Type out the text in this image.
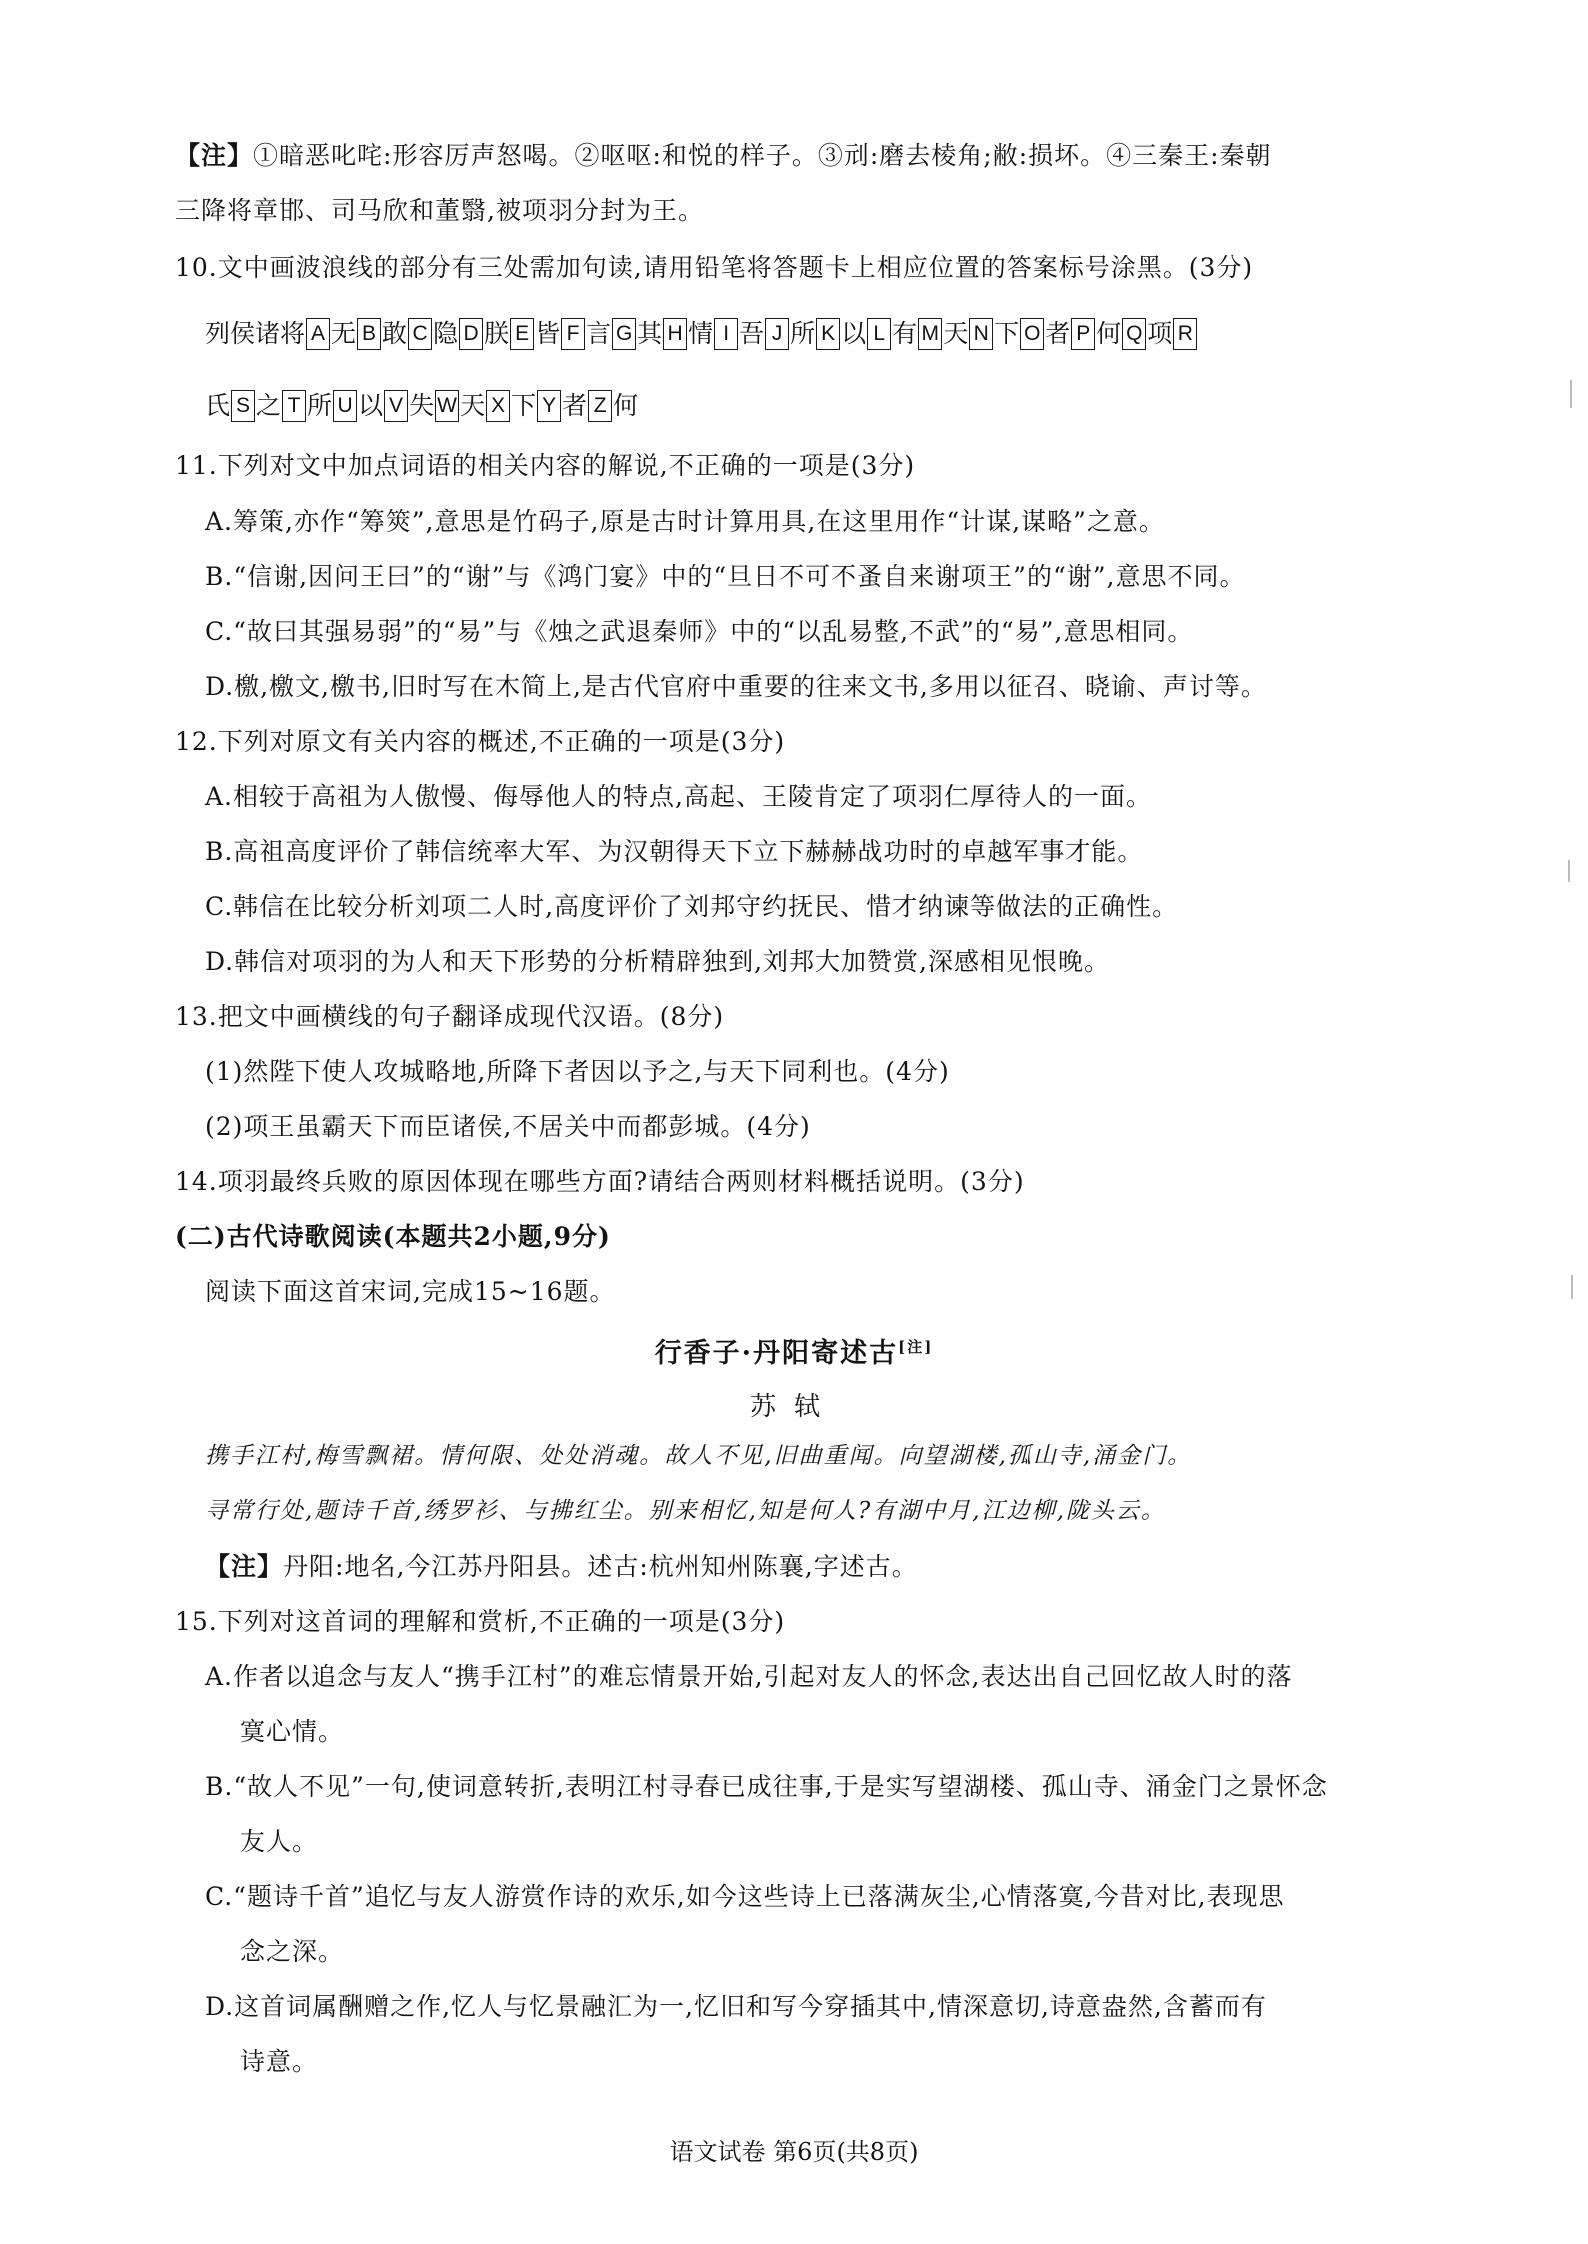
【注】①暗恶叱咤:形容厉声怒喝。②呕呕:和悦的样子。③刓:磨去棱角;敝:损坏。④三秦王:秦朝
三降将章邯、司马欣和董翳,被项羽分封为王。
10.文中画波浪线的部分有三处需加句读,请用铅笔将答题卡上相应位置的答案标号涂黑。(3分)
列侯诸将 A 无 B 敢 C 隐 D 朕 E 皆 F 言 G 其 H 情 I 吾 J 所 K 以 L 有 M 天 N 下 O 者 P 何 Q 项 R
氏 S 之 T 所 U 以 V 失 W 天 X 下 Y 者 Z 何
11.下列对文中加点词语的相关内容的解说,不正确的一项是(3分)
A.筹策,亦作“筹筴”,意思是竹码子,原是古时计算用具,在这里用作“计谋,谋略”之意。
B.“信谢,因问王曰”的“谢”与《鸿门宴》中的“旦日不可不蚤自来谢项王”的“谢”,意思不同。
C.“故曰其强易弱”的“易”与《烛之武退秦师》中的“以乱易整,不武”的“易”,意思相同。
D.檄,檄文,檄书,旧时写在木简上,是古代官府中重要的往来文书,多用以征召、晓谕、声讨等。
12.下列对原文有关内容的概述,不正确的一项是(3分)
A.相较于高祖为人傲慢、侮辱他人的特点,高起、王陵肯定了项羽仁厚待人的一面。
B.高祖高度评价了韩信统率大军、为汉朝得天下立下赫赫战功时的卓越军事才能。
C.韩信在比较分析刘项二人时,高度评价了刘邦守约抚民、惜才纳谏等做法的正确性。
D.韩信对项羽的为人和天下形势的分析精辟独到,刘邦大加赞赏,深感相见恨晚。
13.把文中画横线的句子翻译成现代汉语。(8分)
(1)然陛下使人攻城略地,所降下者因以予之,与天下同利也。(4分)
(2)项王虽霸天下而臣诸侯,不居关中而都彭城。(4分)
14.项羽最终兵败的原因体现在哪些方面?请结合两则材料概括说明。(3分)
(二)古代诗歌阅读(本题共2小题,9分)
阅读下面这首宋词,完成15~16题。
行香子·丹阳寄述古[注]
苏轼
携手江村,梅雪飘裙。情何限、处处消魂。故人不见,旧曲重闻。向望湖楼,孤山寺,涌金门。
寻常行处,题诗千首,绣罗衫、与拂红尘。别来相忆,知是何人?有湖中月,江边柳,陇头云。
【注】丹阳:地名,今江苏丹阳县。述古:杭州知州陈襄,字述古。
15.下列对这首词的理解和赏析,不正确的一项是(3分)
A.作者以追念与友人“携手江村”的难忘情景开始,引起对友人的怀念,表达出自己回忆故人时的落
寞心情。
B.“故人不见”一句,使词意转折,表明江村寻春已成往事,于是实写望湖楼、孤山寺、涌金门之景怀念
友人。
C.“题诗千首”追忆与友人游赏作诗的欢乐,如今这些诗上已落满灰尘,心情落寞,今昔对比,表现思
念之深。
D.这首词属酬赠之作,忆人与忆景融汇为一,忆旧和写今穿插其中,情深意切,诗意盎然,含蓄而有
诗意。
语文试卷 第6页(共8页)
